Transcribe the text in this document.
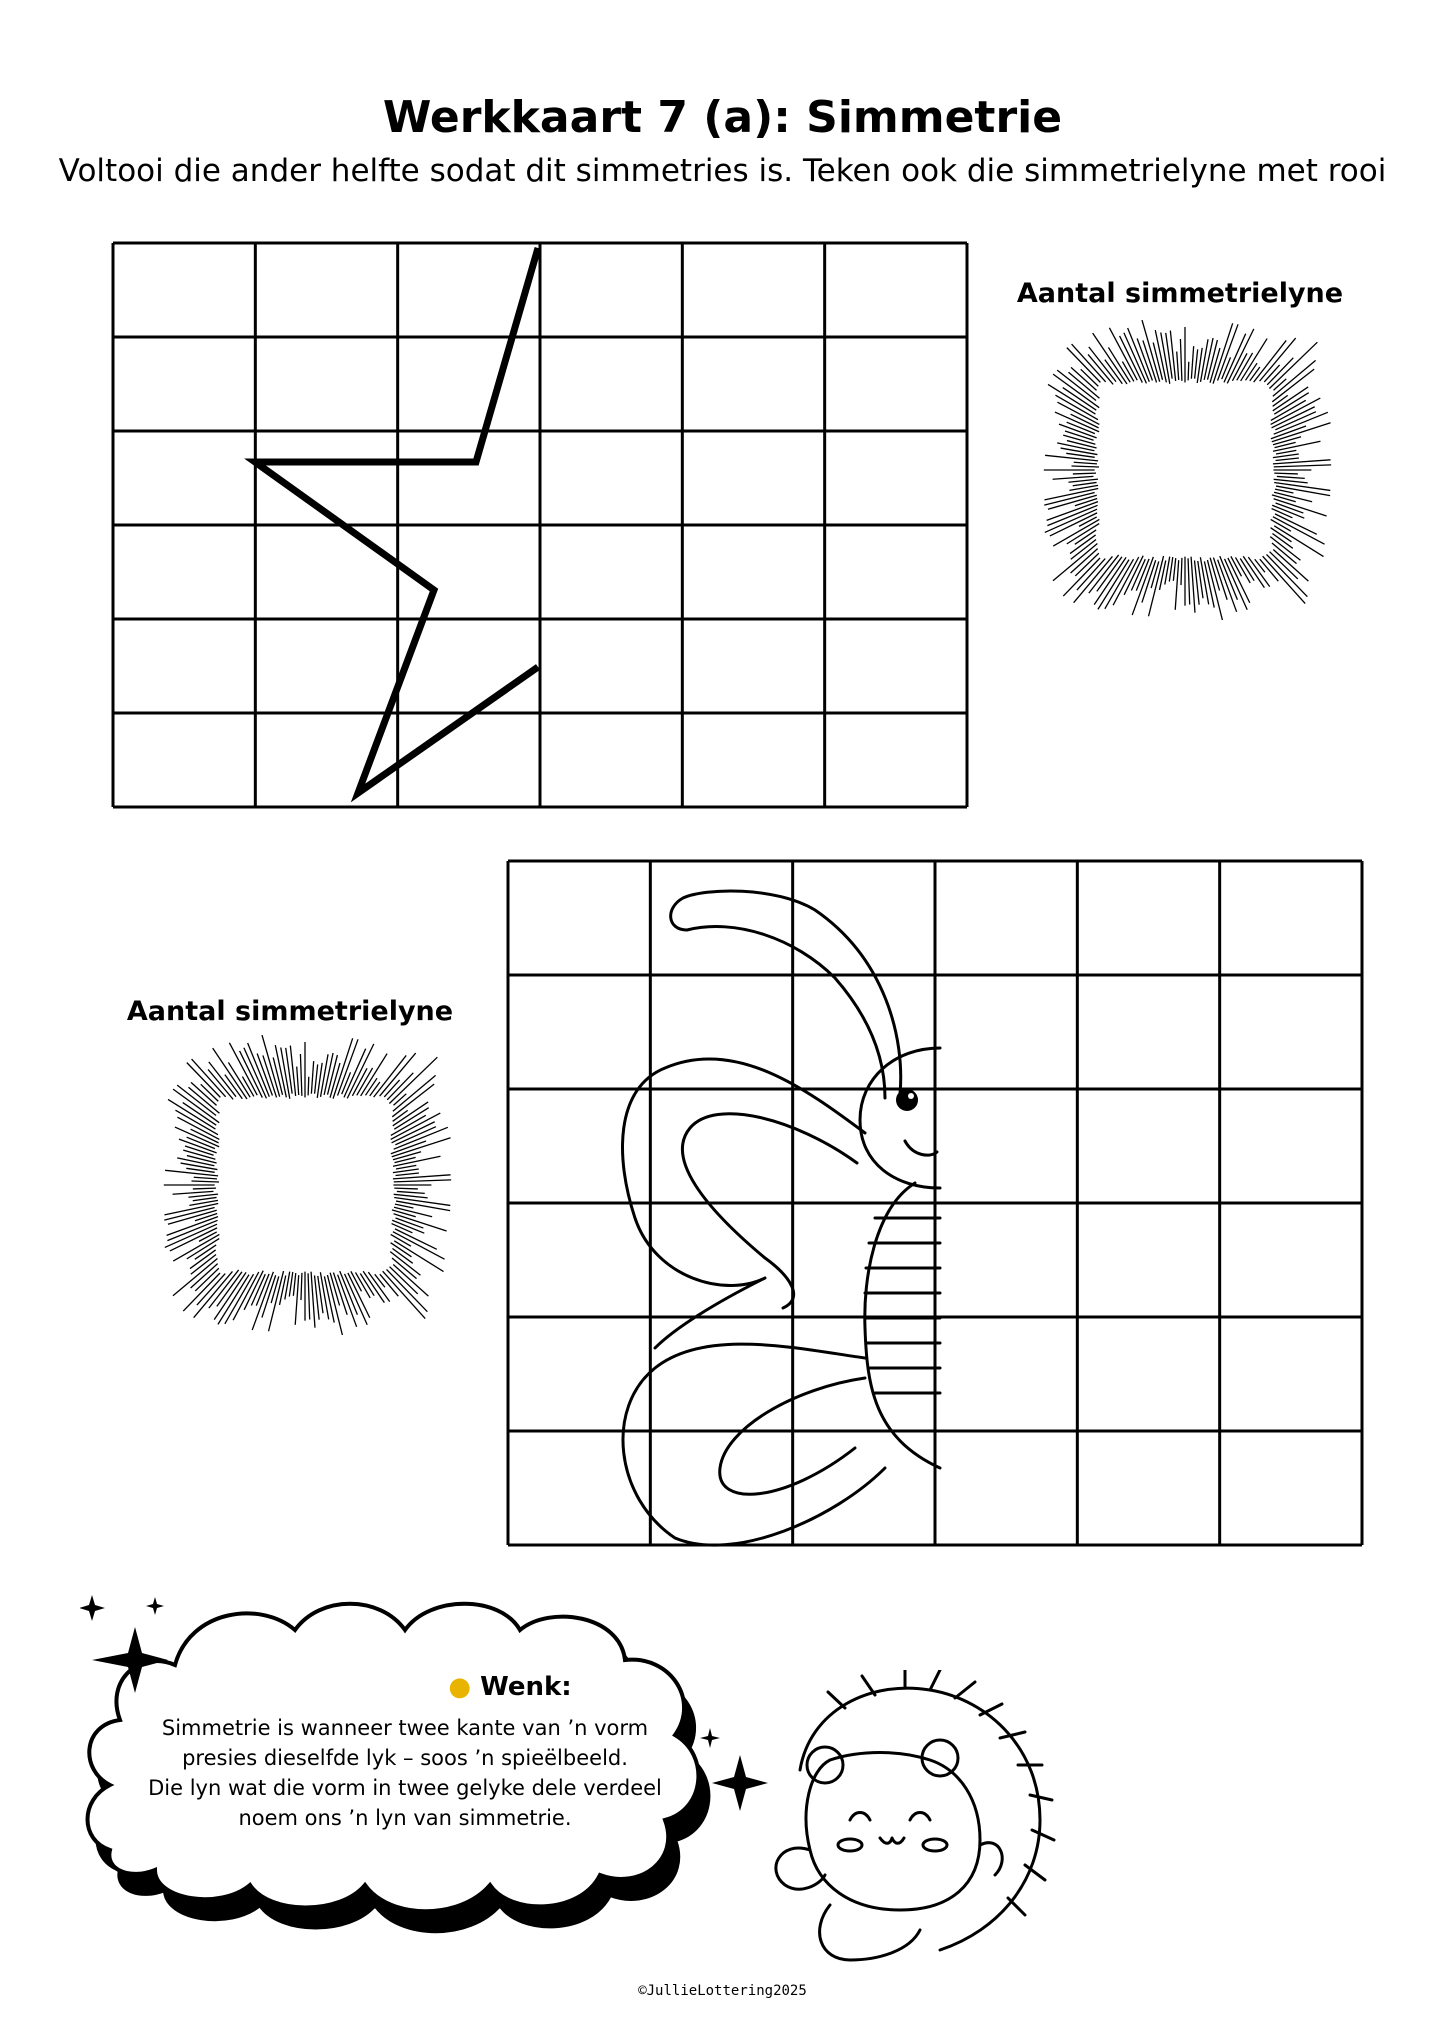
Werkkaart 7 (a): Simmetrie
Voltooi die ander helfte sodat dit simmetries is. Teken ook die simmetrielyne met rooi
Aantal simmetrielyne
Aantal simmetrielyne
● Wenk:
Simmetrie is wanneer twee kante van ’n vorm
presies dieselfde lyk – soos ’n spieëlbeeld.
Die lyn wat die vorm in twee gelyke dele verdeel
noem ons ’n lyn van simmetrie.
©JullieLottering2025
